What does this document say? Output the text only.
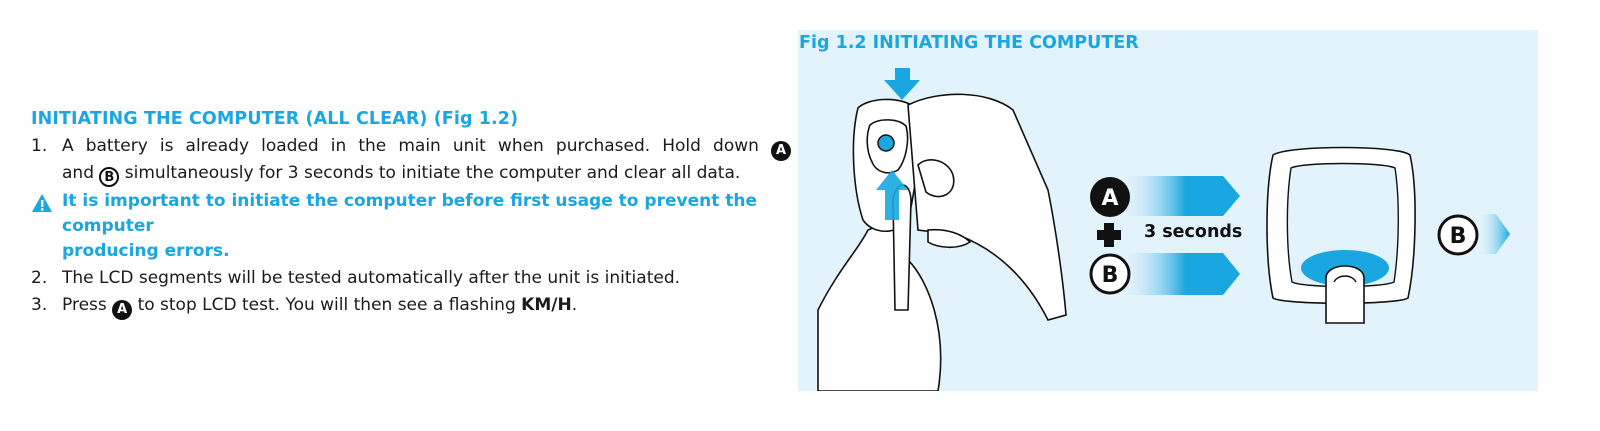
INITIATING THE COMPUTER (ALL CLEAR) (Fig 1.2)
1. A battery is already loaded in the main unit when purchased. Hold down A
and B simultaneously for 3 seconds to initiate the computer and clear all data.
It is important to initiate the computer before first usage to prevent the computer
producing errors.
2. The LCD segments will be tested automatically after the unit is initiated.
3. Press A to stop LCD test. You will then see a flashing KM/H.
A
B
B
Fig 1.2 INITIATING THE COMPUTER
3 seconds
